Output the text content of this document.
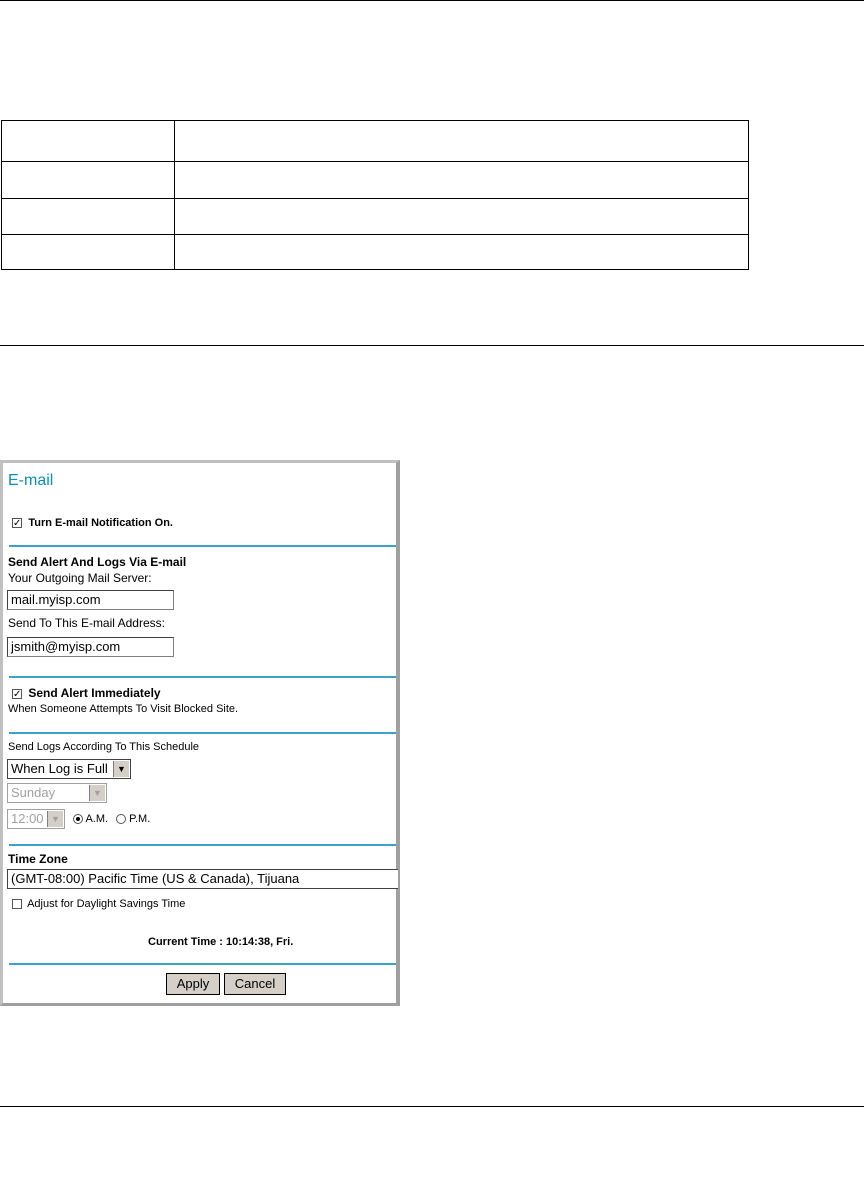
E-mail
✓ Turn E-mail Notification On.
Send Alert And Logs Via E-mail
Your Outgoing Mail Server:
mail.myisp.com
Send To This E-mail Address:
jsmith@myisp.com
✓ Send Alert Immediately
When Someone Attempts To Visit Blocked Site.
Send Logs According To This Schedule
When Log is Full	▼
Sunday	▼
12:00 ▼	A.M.	P.M.
Time Zone
(GMT-08:00) Pacific Time (US & Canada), Tijuana
Adjust for Daylight Savings Time
Current Time : 10:14:38, Fri.
Apply	Cancel
